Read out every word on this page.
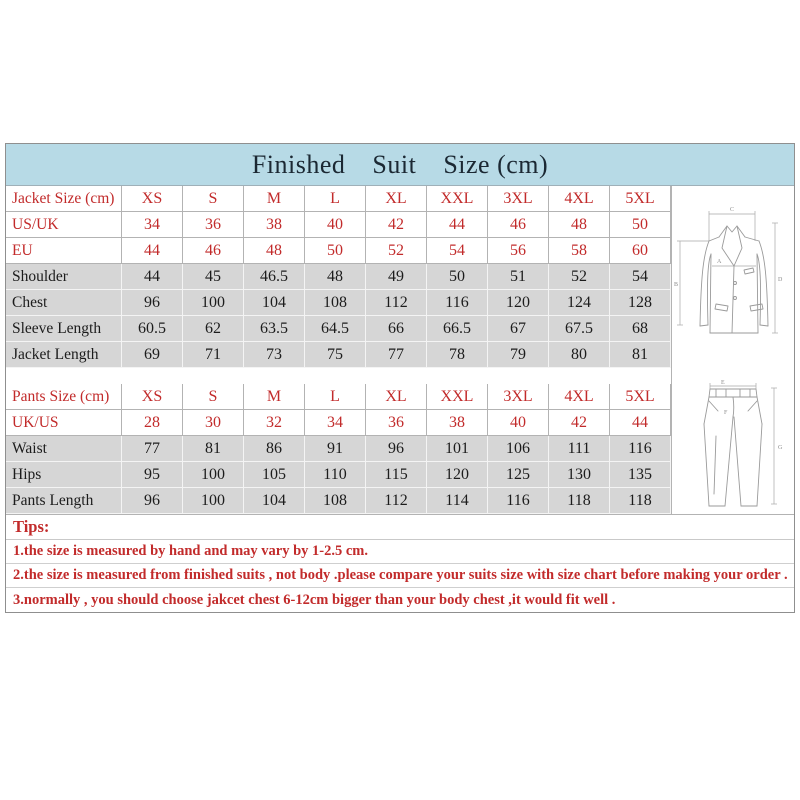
Finished Suit Size (cm)
Jacket Size (cm)	XS	S	M	L	XL	XXL	3XL	4XL	5XL
US/UK	34	36	38	40	42	44	46	48	50
EU	44	46	48	50	52	54	56	58	60
Shoulder	44	45	46.5	48	49	50	51	52	54
Chest	96	100	104	108	112	116	120	124	128
Sleeve Length	60.5	62	63.5	64.5	66	66.5	67	67.5	68
Jacket Length	69	71	73	75	77	78	79	80	81
Pants Size (cm)	XS	S	M	L	XL	XXL	3XL	4XL	5XL
UK/US	28	30	32	34	36	38	40	42	44
Waist	77	81	86	91	96	101	106	111	116
Hips	95	100	105	110	115	120	125	130	135
Pants Length	96	100	104	108	112	114	116	118	118
C
B
A
D
E
F
G
Tips:
1.the size is measured by hand and may vary by 1-2.5 cm.
2.the size is measured from finished suits , not body .please compare your suits size with size chart before making your order .
3.normally , you should choose jakcet chest 6-12cm bigger than your body chest ,it would fit well .
